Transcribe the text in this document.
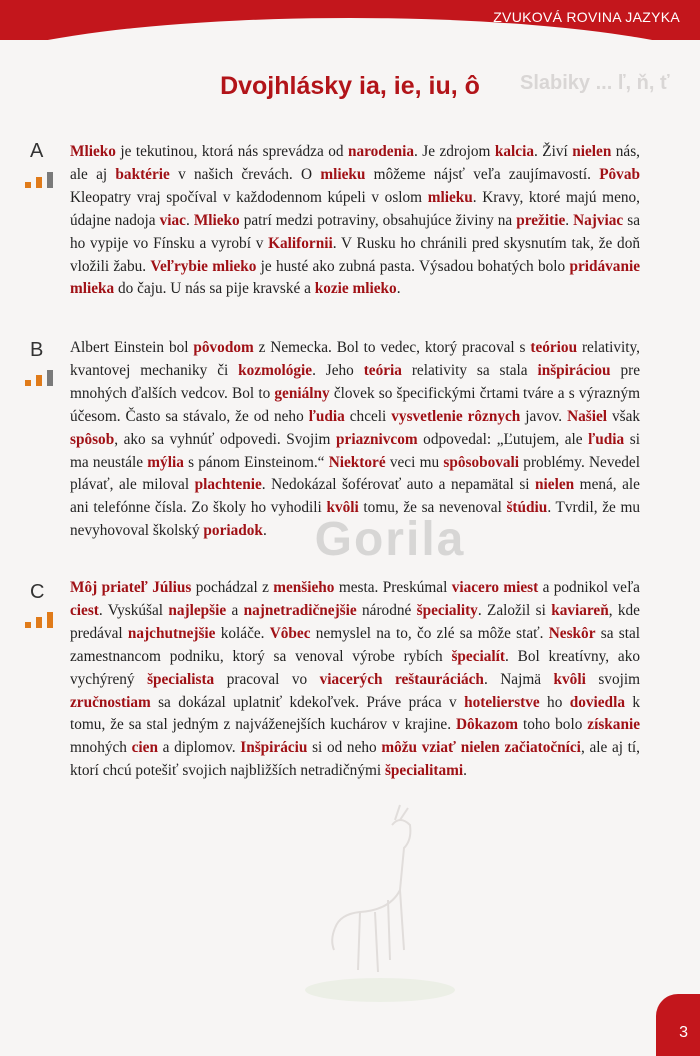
ZVUKOVÁ ROVINA JAZYKA
Slabiky ... ľ, ň, ť
Dvojhlásky ia, ie, iu, ô
A Mlieko je tekutinou, ktorá nás sprevádza od narodenia. Je zdrojom kalcia. Živí nielen nás, ale aj baktérie v našich črevách. O mlieku môžeme nájsť veľa zaujímavostí. Pôvab Kleopatry vraj spočíval v každodennom kúpeli v oslom mlieku. Kravy, ktoré majú meno, údajne nadoja viac. Mlieko patrí medzi potraviny, obsahujúce živiny na prežitie. Najviac sa ho vypije vo Fínsku a vyrobí v Kalifornii. V Rusku ho chránili pred skysnutím tak, že doň vložili žabu. Veľrybie mlieko je husté ako zubná pasta. Výsadou bohatých bolo pridávanie mlieka do čaju. U nás sa pije kravské a kozie mlieko.
B Albert Einstein bol pôvodom z Nemecka. Bol to vedec, ktorý pracoval s teóriou relativity, kvantovej mechaniky či kozmológie. Jeho teória relativity sa stala inšpiráciou pre mnohých ďalších vedcov. Bol to geniálny človek so špecifickými črtami tváre a s výrazným účesom. Často sa stávalo, že od neho ľudia chceli vysvetlenie rôznych javov. Našiel však spôsob, ako sa vyhnúť odpovedi. Svojim priaznivcom odpovedal: „Ľutujem, ale ľudia si ma neustále mýlia s pánom Einsteinom.“ Niektoré veci mu spôsobovali problémy. Nevedel plávať, ale miloval plachtenie. Nedokázal šoférovať auto a nepamätal si nielen mená, ale ani telefónne čísla. Zo školy ho vyhodili kvôli tomu, že sa nevenoval štúdiu. Tvrdil, že mu nevyhovoval školský poriadok.
C Môj priateľ Július pochádzal z menšieho mesta. Preskúmal viacero miest a podnikol veľa ciest. Vyskúšal najlepšie a najnetradičnejšie národné špeciality. Založil si kaviareň, kde predával najchutnejšie koláče. Vôbec nemyslel na to, čo zlé sa môže stať. Neskôr sa stal zamestnancom podniku, ktorý sa venoval výrobe rybích špecialít. Bol kreatívny, ako vychýrený špecialista pracoval vo viacerých reštauráciách. Najmä kvôli svojim zručnostiam sa dokázal uplatniť kdekoľvek. Práve práca v hotelierstve ho doviedla k tomu, že sa stal jedným z najváženejších kuchárov v krajine. Dôkazom toho bolo získanie mnohých cien a diplomov. Inšpiráciu si od neho môžu vziať nielen začiatočníci, ale aj tí, ktorí chcú potešiť svojich najbližších netradičnými špecialitami.
Gorila
3
